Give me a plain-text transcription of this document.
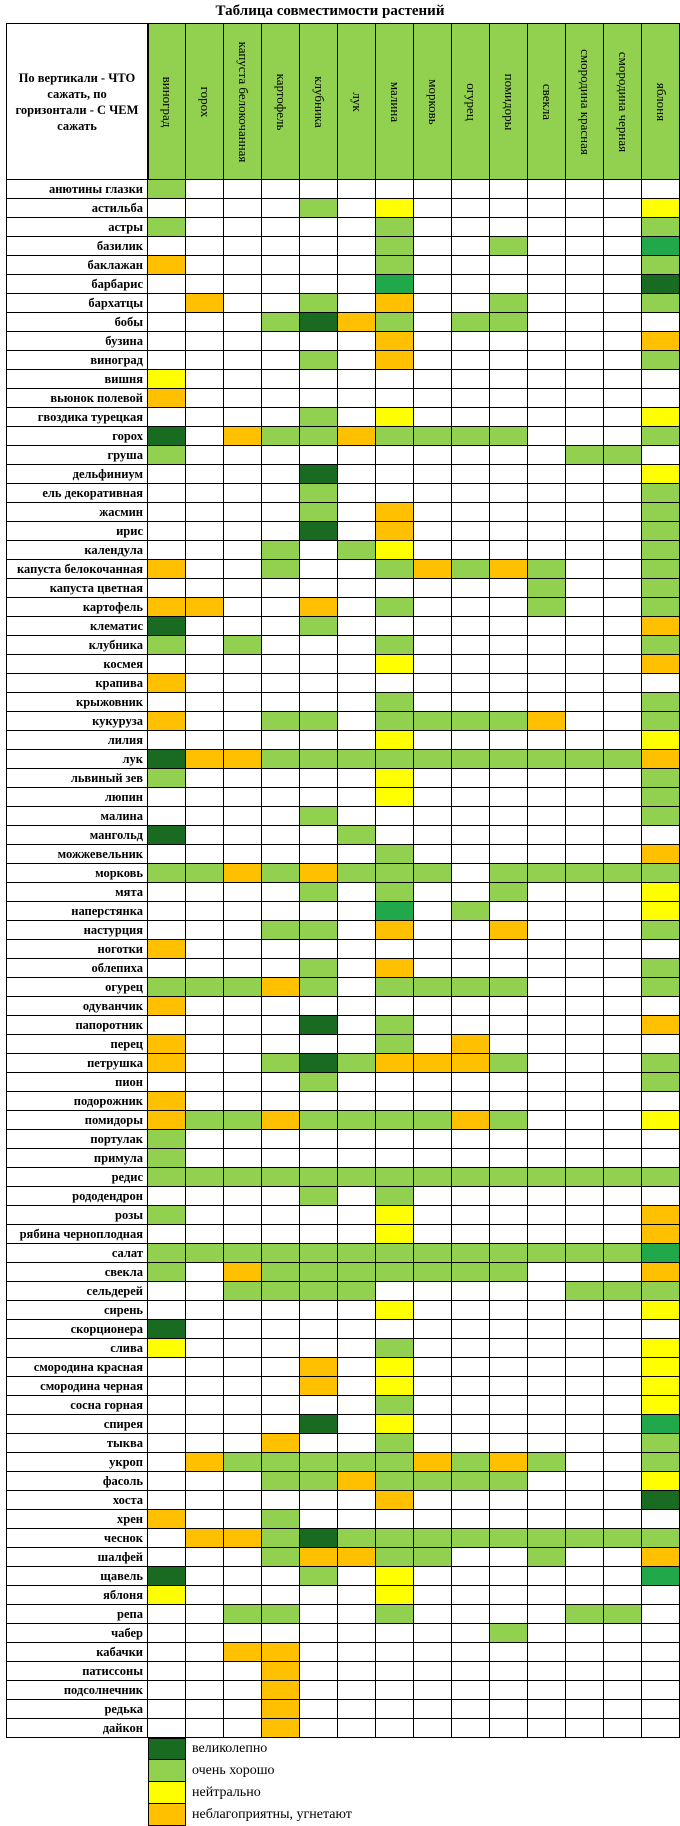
Таблица совместимости растений
По вертикали - ЧТО сажать, по горизонтали - С ЧЕМ сажать	виноград горох капуста белокочанная картофель клубника лук малина морковь огурец помидоры свекла смородина красная смородина черная яблоня
анютины глазки
астильба
астры
базилик
баклажан
барбарис
бархатцы
бобы
бузина
виноград
вишня
вьюнок полевой
гвоздика турецкая
горох
груша
дельфиниум
ель декоративная
жасмин
ирис
календула
капуста белокочанная
капуста цветная
картофель
клематис
клубника
космея
крапива
крыжовник
кукуруза
лилия
лук
львиный зев
люпин
малина
мангольд
можжевельник
морковь
мята
наперстянка
настурция
ноготки
облепиха
огурец
одуванчик
папоротник
перец
петрушка
пион
подорожник
помидоры
портулак
примула
редис
рододендрон
розы
рябина черноплодная
салат
свекла
сельдерей
сирень
скорционера
слива
смородина красная
смородина черная
сосна горная
спирея
тыква
укроп
фасоль
хоста
хрен
чеснок
шалфей
щавель
яблоня
репа
чабер
кабачки
патиссоны
подсолнечник
редька
дайкон
великолепно
очень хорошо
нейтрально
неблагоприятны, угнетают
